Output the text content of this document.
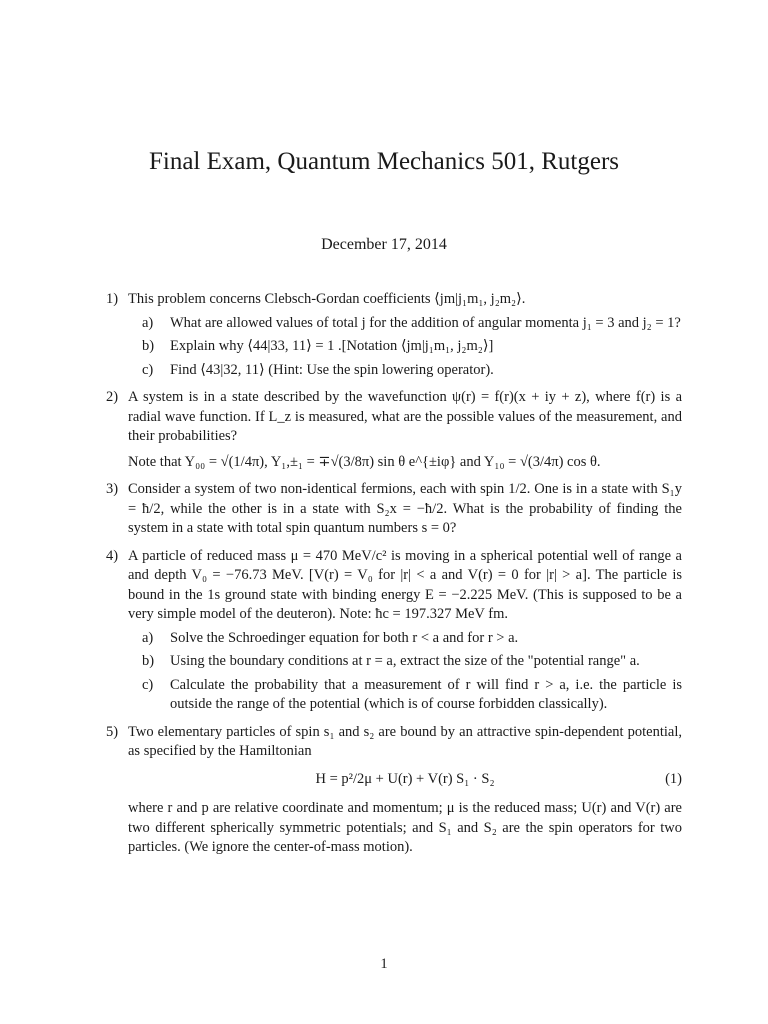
Final Exam, Quantum Mechanics 501, Rutgers
December 17, 2014
1) This problem concerns Clebsch-Gordan coefficients ⟨jm|j₁m₁, j₂m₂⟩.
a) What are allowed values of total j for the addition of angular momenta j₁ = 3 and j₂ = 1?
b) Explain why ⟨44|33, 11⟩ = 1 .[Notation ⟨jm|j₁m₁, j₂m₂⟩]
c) Find ⟨43|32, 11⟩ (Hint: Use the spin lowering operator).
2) A system is in a state described by the wavefunction ψ(r) = f(r)(x + iy + z), where f(r) is a radial wave function. If L_z is measured, what are the possible values of the measurement, and their probabilities?
Note that Y₀₀ = √(1/4π), Y₁,±₁ = ∓√(3/8π) sin θ e^{±iφ} and Y₁₀ = √(3/4π) cos θ.
3) Consider a system of two non-identical fermions, each with spin 1/2. One is in a state with S₁y = ħ/2, while the other is in a state with S₂x = −ħ/2. What is the probability of finding the system in a state with total spin quantum numbers s = 0?
4) A particle of reduced mass μ = 470 MeV/c² is moving in a spherical potential well of range a and depth V₀ = −76.73 MeV. [V(r) = V₀ for |r| < a and V(r) = 0 for |r| > a]. The particle is bound in the 1s ground state with binding energy E = −2.225 MeV. (This is supposed to be a very simple model of the deuteron). Note: ħc = 197.327 MeV fm.
a) Solve the Schroedinger equation for both r < a and for r > a.
b) Using the boundary conditions at r = a, extract the size of the "potential range" a.
c) Calculate the probability that a measurement of r will find r > a, i.e. the particle is outside the range of the potential (which is of course forbidden classically).
5) Two elementary particles of spin s₁ and s₂ are bound by an attractive spin-dependent potential, as specified by the Hamiltonian
H = p²/2μ + U(r) + V(r) S₁ · S₂	(1)
where r and p are relative coordinate and momentum; μ is the reduced mass; U(r) and V(r) are two different spherically symmetric potentials; and S₁ and S₂ are the spin operators for two particles. (We ignore the center-of-mass motion).
1
